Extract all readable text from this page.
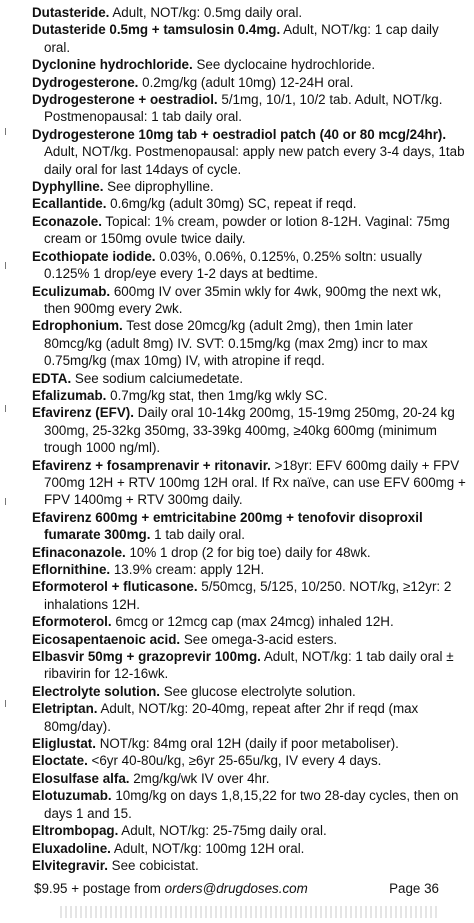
Dutasteride. Adult, NOT/kg: 0.5mg daily oral.

Dutasteride 0.5mg + tamsulosin 0.4mg. Adult, NOT/kg: 1 cap daily oral.

Dyclonine hydrochloride. See dyclocaine hydrochloride.

Dydrogesterone. 0.2mg/kg (adult 10mg) 12-24H oral.

Dydrogesterone + oestradiol. 5/1mg, 10/1, 10/2 tab. Adult, NOT/kg. Postmenopausal: 1 tab daily oral.

Dydrogesterone 10mg tab + oestradiol patch (40 or 80 mcg/24hr). Adult, NOT/kg. Postmenopausal: apply new patch every 3-4 days, 1tab daily oral for last 14days of cycle.

Dyphylline. See diprophylline.

Ecallantide. 0.6mg/kg (adult 30mg) SC, repeat if reqd.

Econazole. Topical: 1% cream, powder or lotion 8-12H. Vaginal: 75mg cream or 150mg ovule twice daily.

Ecothiopate iodide. 0.03%, 0.06%, 0.125%, 0.25% soltn: usually 0.125% 1 drop/eye every 1-2 days at bedtime.

Eculizumab. 600mg IV over 35min wkly for 4wk, 900mg the next wk, then 900mg every 2wk.

Edrophonium. Test dose 20mcg/kg (adult 2mg), then 1min later 80mcg/kg (adult 8mg) IV. SVT: 0.15mg/kg (max 2mg) incr to max 0.75mg/kg (max 10mg) IV, with atropine if reqd.

EDTA. See sodium calciumedetate.

Efalizumab. 0.7mg/kg stat, then 1mg/kg wkly SC.

Efavirenz (EFV). Daily oral 10-14kg 200mg, 15-19mg 250mg, 20-24 kg 300mg, 25-32kg 350mg, 33-39kg 400mg, ≥40kg 600mg (minimum trough 1000 ng/ml).

Efavirenz + fosamprenavir + ritonavir. >18yr: EFV 600mg daily + FPV 700mg 12H + RTV 100mg 12H oral. If Rx naïve, can use EFV 600mg + FPV 1400mg + RTV 300mg daily.

Efavirenz 600mg + emtricitabine 200mg + tenofovir disoproxil fumarate 300mg. 1 tab daily oral.

Efinaconazole. 10% 1 drop (2 for big toe) daily for 48wk.

Eflornithine. 13.9% cream: apply 12H.

Eformoterol + fluticasone. 5/50mcg, 5/125, 10/250. NOT/kg, ≥12yr: 2 inhalations 12H.

Eformoterol. 6mcg or 12mcg cap (max 24mcg) inhaled 12H.

Eicosapentaenoic acid. See omega-3-acid esters.

Elbasvir 50mg + grazoprevir 100mg. Adult, NOT/kg: 1 tab daily oral ± ribavirin for 12-16wk.

Electrolyte solution. See glucose electrolyte solution.

Eletriptan. Adult, NOT/kg: 20-40mg, repeat after 2hr if reqd (max 80mg/day).

Eliglustat. NOT/kg: 84mg oral 12H (daily if poor metaboliser).

Eloctate. <6yr 40-80u/kg, ≥6yr 25-65u/kg, IV every 4 days.

Elosulfase alfa. 2mg/kg/wk IV over 4hr.

Elotuzumab. 10mg/kg on days 1,8,15,22 for two 28-day cycles, then on days 1 and 15.

Eltrombopag. Adult, NOT/kg: 25-75mg daily oral.

Eluxadoline. Adult, NOT/kg: 100mg 12H oral.

Elvitegravir. See cobicistat.

$9.95 + postage from orders@drugdoses.com	Page 36
